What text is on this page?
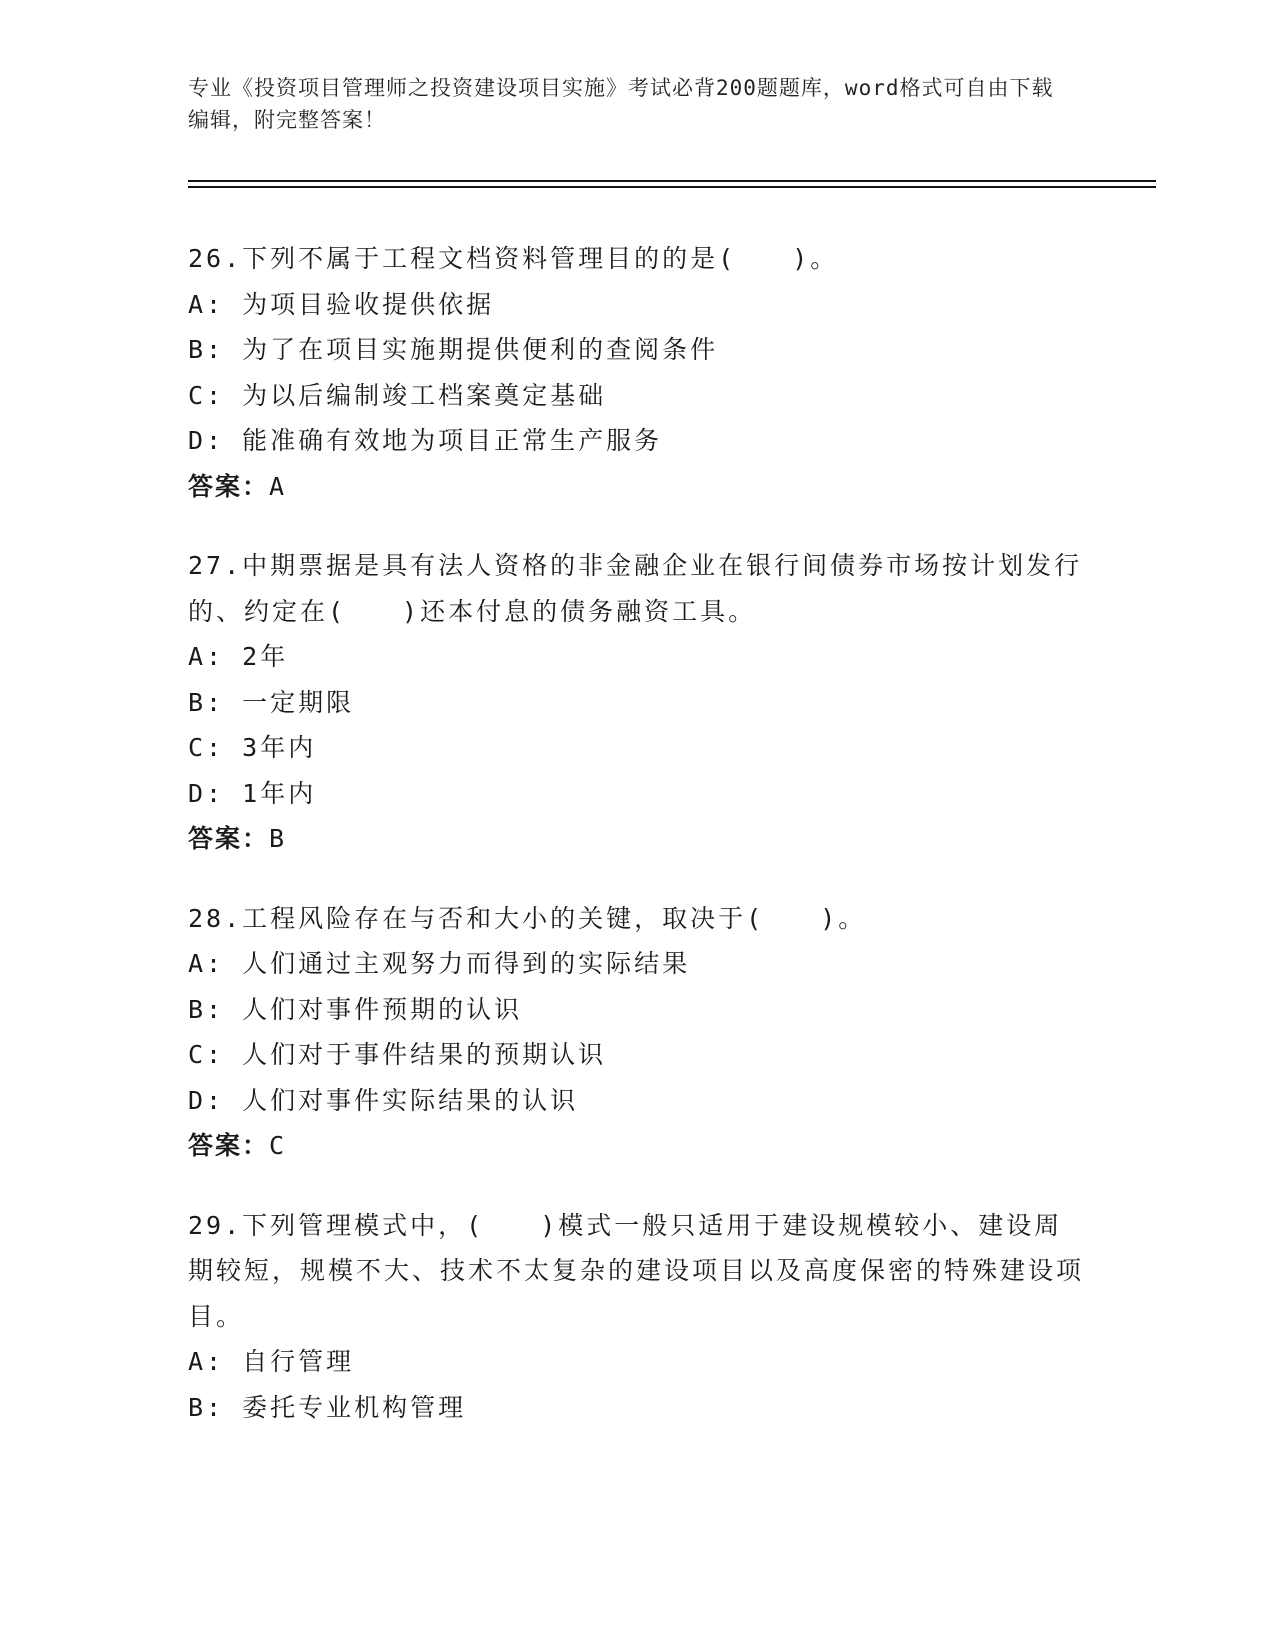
专业《投资项目管理师之投资建设项目实施》考试必背200题题库，word格式可自由下载编辑，附完整答案！

26.下列不属于工程文档资料管理目的的是(　　)。

A: 为项目验收提供依据

B: 为了在项目实施期提供便利的查阅条件

C: 为以后编制竣工档案奠定基础

D: 能准确有效地为项目正常生产服务

答案：A

27.中期票据是具有法人资格的非金融企业在银行间债券市场按计划发行的、约定在(　　)还本付息的债务融资工具。

A: 2年

B: 一定期限

C: 3年内

D: 1年内

答案：B

28.工程风险存在与否和大小的关键，取决于(　　)。

A: 人们通过主观努力而得到的实际结果

B: 人们对事件预期的认识

C: 人们对于事件结果的预期认识

D: 人们对事件实际结果的认识

答案：C

29.下列管理模式中，(　　)模式一般只适用于建设规模较小、建设周期较短，规模不大、技术不太复杂的建设项目以及高度保密的特殊建设项目。

A: 自行管理

B: 委托专业机构管理
